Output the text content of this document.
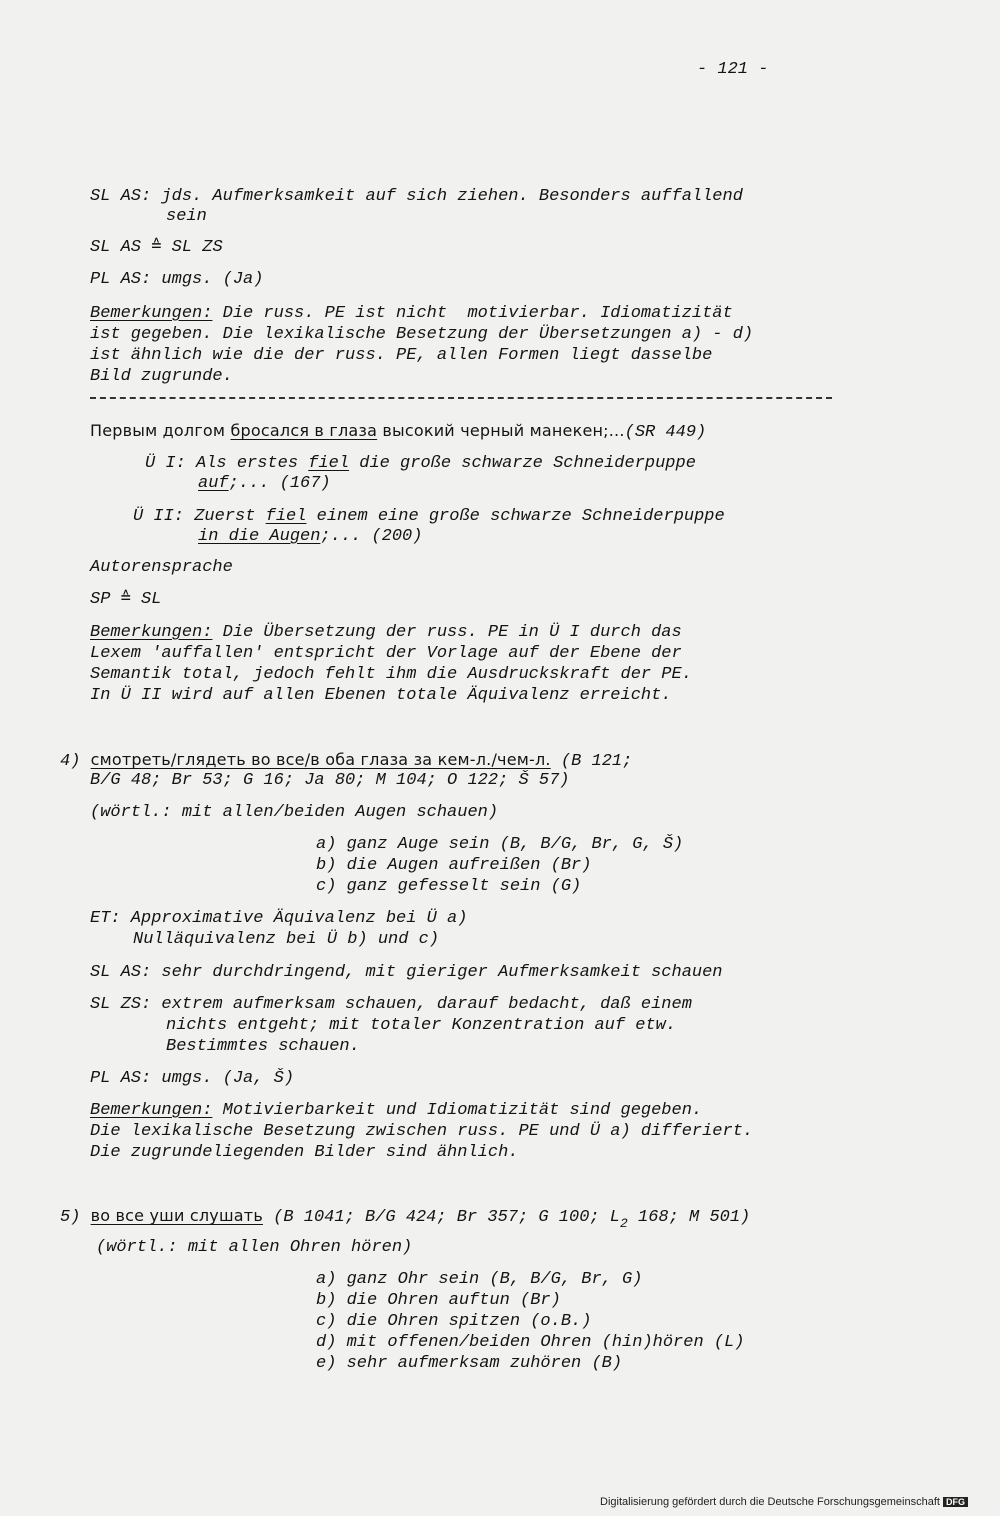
- 121 -
SL AS: jds. Aufmerksamkeit auf sich ziehen. Besonders auffallend
sein
SL AS ≙ SL ZS
PL AS: umgs. (Ja)
Bemerkungen: Die russ. PE ist nicht  motivierbar. Idiomatizität
ist gegeben. Die lexikalische Besetzung der Übersetzungen a) - d)
ist ähnlich wie die der russ. PE, allen Formen liegt dasselbe
Bild zugrunde.
Первым долгом бросался в глаза высокий черный манекен;...(SR 449)
Ü I: Als erstes fiel die große schwarze Schneiderpuppe
auf;... (167)
Ü II: Zuerst fiel einem eine große schwarze Schneiderpuppe
in die Augen;... (200)
Autorensprache
SP ≙ SL
Bemerkungen: Die Übersetzung der russ. PE in Ü I durch das
Lexem 'auffallen' entspricht der Vorlage auf der Ebene der
Semantik total, jedoch fehlt ihm die Ausdruckskraft der PE.
In Ü II wird auf allen Ebenen totale Äquivalenz erreicht.
4) смотреть/глядеть во все/в оба глаза за кем-л./чем-л. (B 121;
B/G 48; Br 53; G 16; Ja 80; M 104; O 122; Š 57)
(wörtl.: mit allen/beiden Augen schauen)
a) ganz Auge sein (B, B/G, Br, G, Š)
b) die Augen aufreißen (Br)
c) ganz gefesselt sein (G)
ET: Approximative Äquivalenz bei Ü a)
Nulläquivalenz bei Ü b) und c)
SL AS: sehr durchdringend, mit gieriger Aufmerksamkeit schauen
SL ZS: extrem aufmerksam schauen, darauf bedacht, daß einem
nichts entgeht; mit totaler Konzentration auf etw.
Bestimmtes schauen.
PL AS: umgs. (Ja, Š)
Bemerkungen: Motivierbarkeit und Idiomatizität sind gegeben.
Die lexikalische Besetzung zwischen russ. PE und Ü a) differiert.
Die zugrundeliegenden Bilder sind ähnlich.
5) во все уши слушать (B 1041; B/G 424; Br 357; G 100; $L_2$ 168; M 501)
(wörtl.: mit allen Ohren hören)
a) ganz Ohr sein (B, B/G, Br, G)
b) die Ohren auftun (Br)
c) die Ohren spitzen (o.B.)
d) mit offenen/beiden Ohren (hin)hören (L)
e) sehr aufmerksam zuhören (B)
Digitalisierung gefördert durch die Deutsche Forschungsgemeinschaft DFG
